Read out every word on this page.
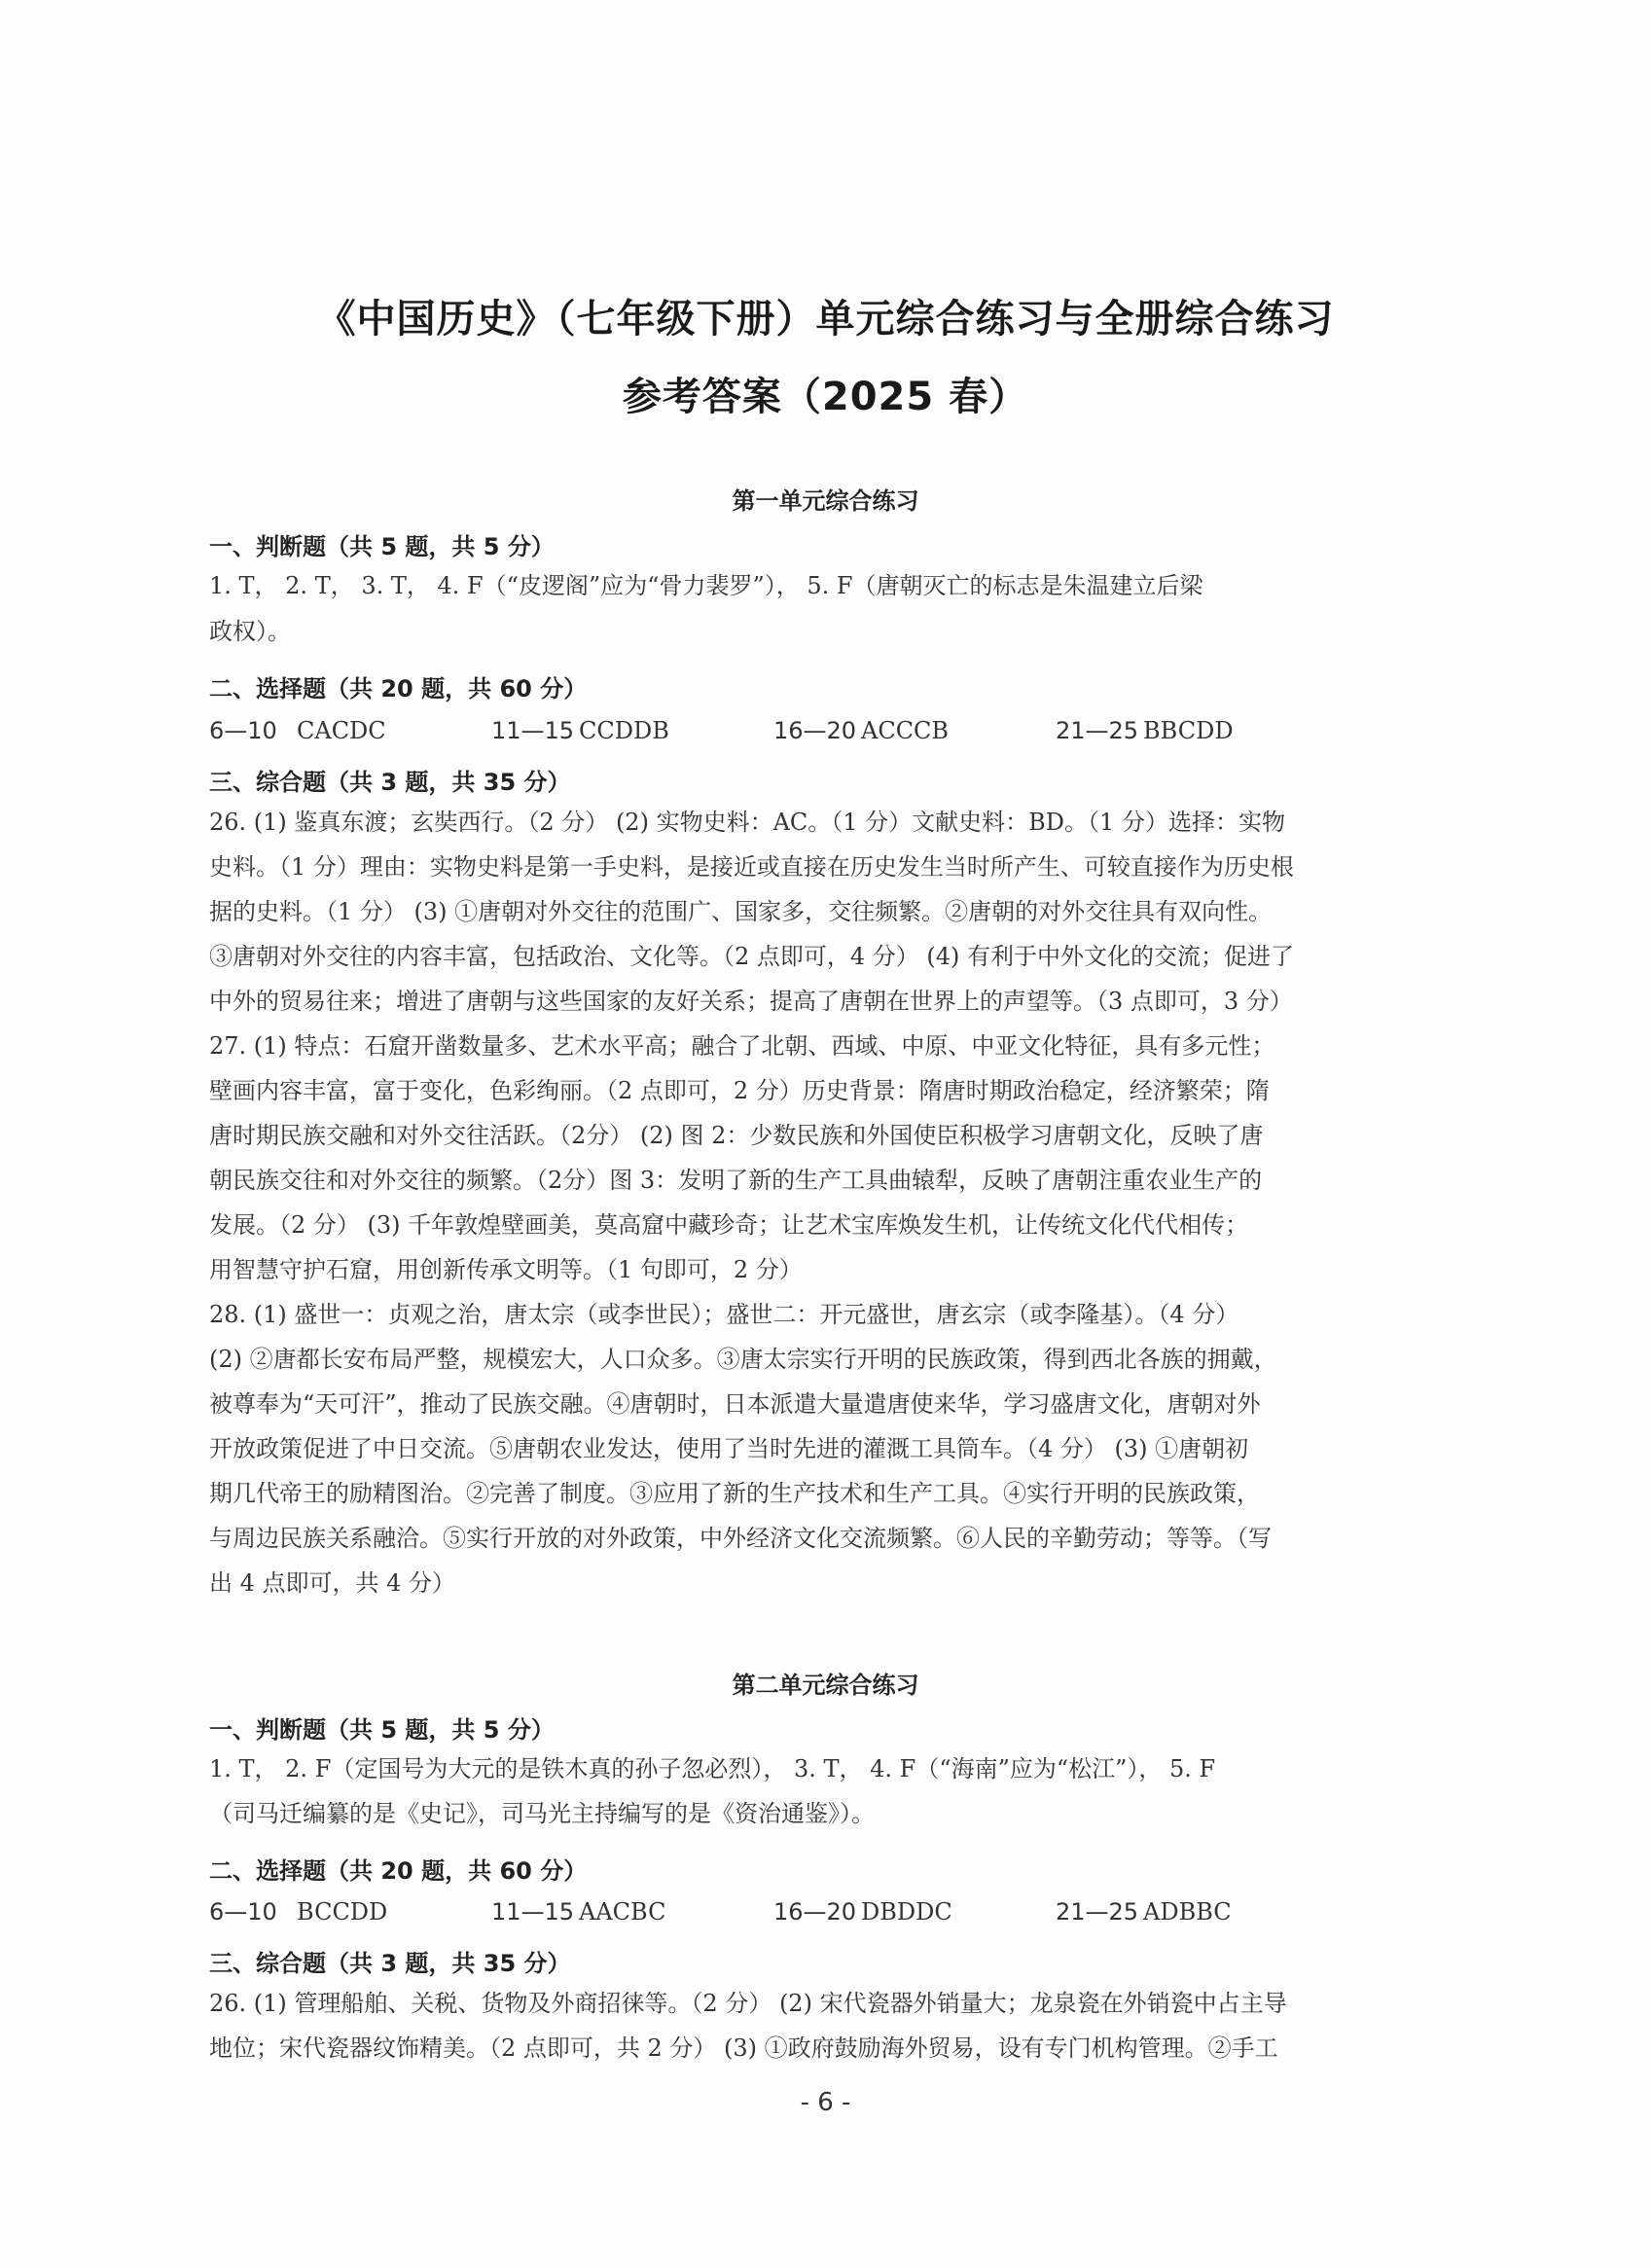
《中国历史》（七年级下册）单元综合练习与全册综合练习
参考答案（2025 春）
第一单元综合练习
一、判断题（共 5 题，共 5 分）
1. T， 2. T， 3. T， 4. F（“皮逻阁”应为“骨力裴罗”）， 5. F（唐朝灭亡的标志是朱温建立后梁
政权）。
二、选择题（共 20 题，共 60 分）
6—10 CACDC	11—15 CCDDB	16—20 ACCCB	21—25 BBCDD
三、综合题（共 3 题，共 35 分）
26. (1) 鉴真东渡；玄奘西行。（2 分） (2) 实物史料：AC。（1 分）文献史料：BD。（1 分）选择：实物
史料。（1 分）理由：实物史料是第一手史料，是接近或直接在历史发生当时所产生、可较直接作为历史根
据的史料。（1 分） (3) ①唐朝对外交往的范围广、国家多，交往频繁。②唐朝的对外交往具有双向性。
③唐朝对外交往的内容丰富，包括政治、文化等。（2 点即可，4 分） (4) 有利于中外文化的交流；促进了
中外的贸易往来；增进了唐朝与这些国家的友好关系；提高了唐朝在世界上的声望等。（3 点即可，3 分）
27. (1) 特点：石窟开凿数量多、艺术水平高；融合了北朝、西域、中原、中亚文化特征，具有多元性；
壁画内容丰富，富于变化，色彩绚丽。（2 点即可，2 分）历史背景：隋唐时期政治稳定，经济繁荣；隋
唐时期民族交融和对外交往活跃。（2分） (2) 图 2：少数民族和外国使臣积极学习唐朝文化，反映了唐
朝民族交往和对外交往的频繁。（2分）图 3：发明了新的生产工具曲辕犁，反映了唐朝注重农业生产的
发展。（2 分） (3) 千年敦煌壁画美，莫高窟中藏珍奇；让艺术宝库焕发生机，让传统文化代代相传；
用智慧守护石窟，用创新传承文明等。（1 句即可，2 分）
28. (1) 盛世一：贞观之治，唐太宗（或李世民）；盛世二：开元盛世，唐玄宗（或李隆基）。（4 分）
(2) ②唐都长安布局严整，规模宏大，人口众多。③唐太宗实行开明的民族政策，得到西北各族的拥戴，
被尊奉为“天可汗”，推动了民族交融。④唐朝时，日本派遣大量遣唐使来华，学习盛唐文化，唐朝对外
开放政策促进了中日交流。⑤唐朝农业发达，使用了当时先进的灌溉工具筒车。（4 分） (3) ①唐朝初
期几代帝王的励精图治。②完善了制度。③应用了新的生产技术和生产工具。④实行开明的民族政策，
与周边民族关系融洽。⑤实行开放的对外政策，中外经济文化交流频繁。⑥人民的辛勤劳动；等等。（写
出 4 点即可，共 4 分）
第二单元综合练习
一、判断题（共 5 题，共 5 分）
1. T， 2. F（定国号为大元的是铁木真的孙子忽必烈）， 3. T， 4. F（“海南”应为“松江”）， 5. F
（司马迁编纂的是《史记》，司马光主持编写的是《资治通鉴》）。
二、选择题（共 20 题，共 60 分）
6—10 BCCDD	11—15 AACBC	16—20 DBDDC	21—25 ADBBC
三、综合题（共 3 题，共 35 分）
26. (1) 管理船舶、关税、货物及外商招徕等。（2 分） (2) 宋代瓷器外销量大；龙泉瓷在外销瓷中占主导
地位；宋代瓷器纹饰精美。（2 点即可，共 2 分） (3) ①政府鼓励海外贸易，设有专门机构管理。②手工
- 6 -
